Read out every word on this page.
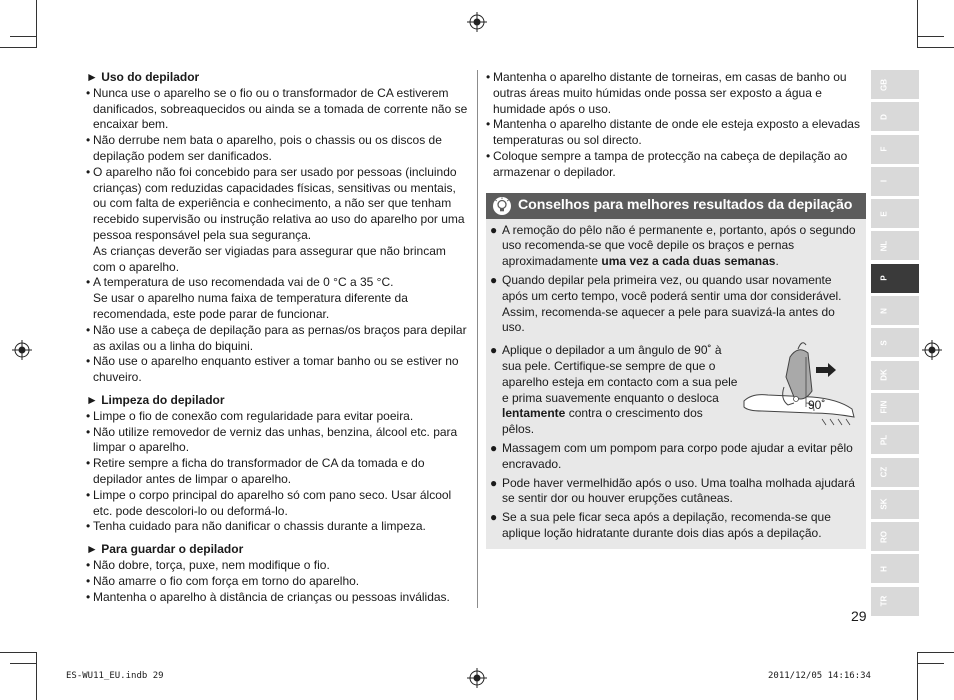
► Uso do depilador
• Nunca use o aparelho se o fio ou o transformador de CA estiverem danificados, sobreaquecidos ou ainda se a tomada de corrente não se encaixar bem.
• Não derrube nem bata o aparelho, pois o chassis ou os discos de depilação podem ser danificados.
• O aparelho não foi concebido para ser usado por pessoas (incluindo crianças) com reduzidas capacidades físicas, sensitivas ou mentais, ou com falta de experiência e conhecimento, a não ser que tenham recebido supervisão ou instrução relativa ao uso do aparelho por uma pessoa responsável pela sua segurança.
As crianças deverão ser vigiadas para assegurar que não brincam com o aparelho.
• A temperatura de uso recomendada vai de 0 °C a 35 °C.
Se usar o aparelho numa faixa de temperatura diferente da recomendada, este pode parar de funcionar.
• Não use a cabeça de depilação para as pernas/os braços para depilar as axilas ou a linha do biquini.
• Não use o aparelho enquanto estiver a tomar banho ou se estiver no chuveiro.
► Limpeza do depilador
• Limpe o fio de conexão com regularidade para evitar poeira.
• Não utilize removedor de verniz das unhas, benzina, álcool etc. para limpar o aparelho.
• Retire sempre a ficha do transformador de CA da tomada e do depilador antes de limpar o aparelho.
• Limpe o corpo principal do aparelho só com pano seco. Usar álcool etc. pode descolori-lo ou deformá-lo.
• Tenha cuidado para não danificar o chassis durante a limpeza.
► Para guardar o depilador
• Não dobre, torça, puxe, nem modifique o fio.
• Não amarre o fio com força em torno do aparelho.
• Mantenha o aparelho à distância de crianças ou pessoas inválidas.
• Mantenha o aparelho distante de torneiras, em casas de banho ou outras áreas muito húmidas onde possa ser exposto a água e humidade após o uso.
• Mantenha o aparelho distante de onde ele esteja exposto a elevadas temperaturas ou sol directo.
• Coloque sempre a tampa de protecção na cabeça de depilação ao armazenar o depilador.
Conselhos para melhores resultados da depilação
● A remoção do pêlo não é permanente e, portanto, após o segundo uso recomenda-se que você depile os braços e pernas aproximadamente uma vez a cada duas semanas.
● Quando depilar pela primeira vez, ou quando usar novamente após um certo tempo, você poderá sentir uma dor considerável. Assim, recomenda-se aquecer a pele para suavizá-la antes do uso.
● Aplique o depilador a um ângulo de 90˚ à sua pele. Certifique-se sempre de que o aparelho esteja em contacto com a sua pele e prima suavemente enquanto o desloca lentamente contra o crescimento dos pêlos.
90˚
● Massagem com um pompom para corpo pode ajudar a evitar pêlo encravado.
● Pode haver vermelhidão após o uso. Uma toalha molhada ajudará se sentir dor ou houver erupções cutâneas.
● Se a sua pele ficar seca após a depilação, recomenda-se que aplique loção hidratante durante dois dias após a depilação.
GB
D
F
I
E
NL
P
N
S
DK
FIN
PL
CZ
SK
RO
H
TR
29
ES-WU11_EU.indb 29	2011/12/05 14:16:34
